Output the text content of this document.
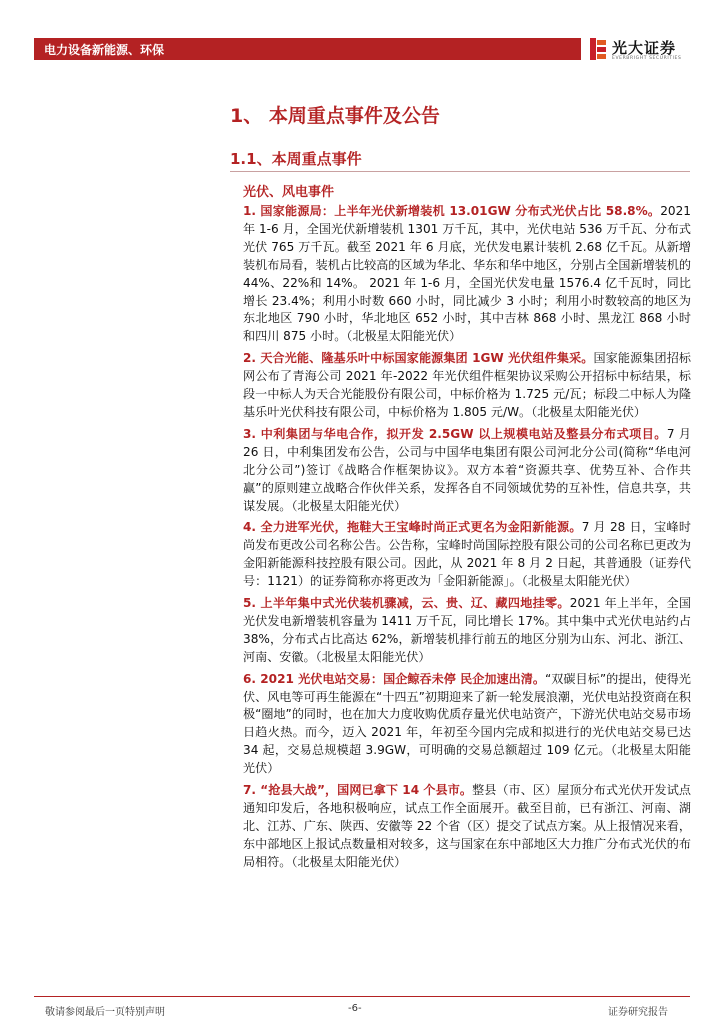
电力设备新能源、环保	光大证券
EVERBRIGHT SECURITIES
1、 本周重点事件及公告
1.1、本周重点事件
光伏、风电事件

1. 国家能源局：上半年光伏新增装机 13.01GW 分布式光伏占比 58.8%。2021 年 1-6 月，全国光伏新增装机 1301 万千瓦，其中，光伏电站 536 万千瓦、分布式光伏 765 万千瓦。截至 2021 年 6 月底，光伏发电累计装机 2.68 亿千瓦。从新增装机布局看，装机占比较高的区域为华北、华东和华中地区，分别占全国新增装机的 44%、22%和 14%。 2021 年 1-6 月，全国光伏发电量 1576.4 亿千瓦时，同比增长 23.4%；利用小时数 660 小时，同比减少 3 小时；利用小时数较高的地区为东北地区 790 小时，华北地区 652 小时，其中吉林 868 小时、黑龙江 868 小时和四川 875 小时。（北极星太阳能光伏）

2. 天合光能、隆基乐叶中标国家能源集团 1GW 光伏组件集采。国家能源集团招标网公布了青海公司 2021 年-2022 年光伏组件框架协议采购公开招标中标结果，标段一中标人为天合光能股份有限公司，中标价格为 1.725 元/瓦；标段二中标人为隆基乐叶光伏科技有限公司，中标价格为 1.805 元/W。（北极星太阳能光伏）

3. 中利集团与华电合作，拟开发 2.5GW 以上规模电站及整县分布式项目。7 月 26 日，中利集团发布公告，公司与中国华电集团有限公司河北分公司(简称“华电河北分公司”)签订《战略合作框架协议》。双方本着“资源共享、优势互补、合作共赢”的原则建立战略合作伙伴关系，发挥各自不同领域优势的互补性，信息共享，共谋发展。（北极星太阳能光伏）

4. 全力进军光伏，拖鞋大王宝峰时尚正式更名为金阳新能源。7 月 28 日，宝峰时尚发布更改公司名称公告。公告称，宝峰时尚国际控股有限公司的公司名称已更改为金阳新能源科技控股有限公司。因此，从 2021 年 8 月 2 日起，其普通股（证券代号：1121）的证券简称亦将更改为「金阳新能源」。（北极星太阳能光伏）

5. 上半年集中式光伏装机骤减，云、贵、辽、藏四地挂零。2021 年上半年，全国光伏发电新增装机容量为 1411 万千瓦，同比增长 17%。其中集中式光伏电站约占 38%，分布式占比高达 62%，新增装机排行前五的地区分别为山东、河北、浙江、河南、安徽。（北极星太阳能光伏）

6. 2021 光伏电站交易：国企鲸吞未停 民企加速出清。“双碳目标”的提出，使得光伏、风电等可再生能源在“十四五”初期迎来了新一轮发展浪潮，光伏电站投资商在积极“圈地”的同时，也在加大力度收购优质存量光伏电站资产，下游光伏电站交易市场日趋火热。而今，迈入 2021 年，年初至今国内完成和拟进行的光伏电站交易已达 34 起，交易总规模超 3.9GW，可明确的交易总额超过 109 亿元。（北极星太阳能光伏）

7. “抢县大战”，国网已拿下 14 个县市。整县（市、区）屋顶分布式光伏开发试点通知印发后，各地积极响应，试点工作全面展开。截至目前，已有浙江、河南、湖北、江苏、广东、陕西、安徽等 22 个省（区）提交了试点方案。从上报情况来看，东中部地区上报试点数量相对较多，这与国家在东中部地区大力推广分布式光伏的布局相符。（北极星太阳能光伏）

敬请参阅最后一页特别声明	-6-	证券研究报告
